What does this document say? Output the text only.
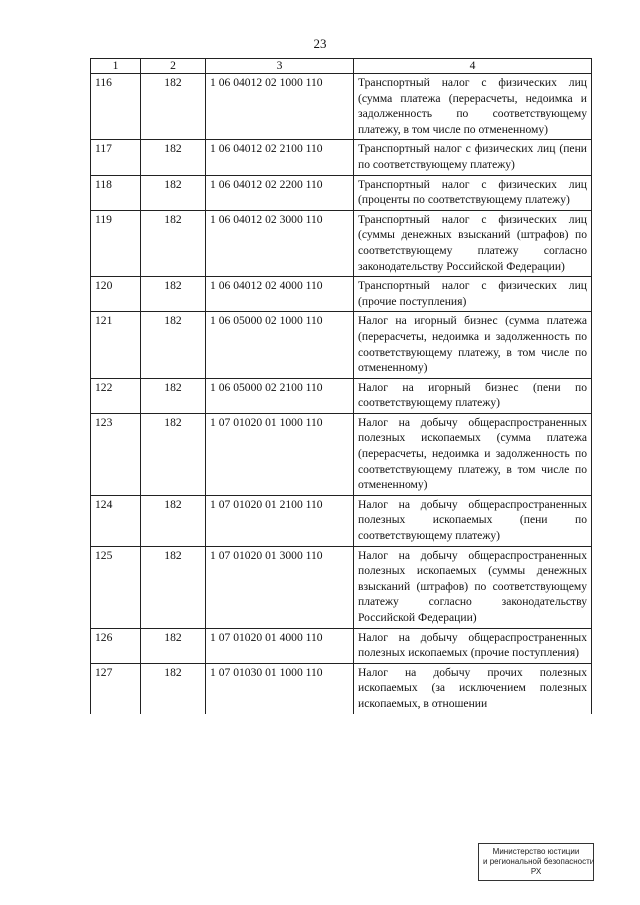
23
1	2	3	4
116	182	1 06 04012 02 1000 110	Транспортный налог с физических лиц (сумма платежа (перерасчеты, недоимка и задолженность по соответствующему платежу, в том числе по отмененному)
117	182	1 06 04012 02 2100 110	Транспортный налог с физических лиц (пени по соответствующему платежу)
118	182	1 06 04012 02 2200 110	Транспортный налог с физических лиц (проценты по соответствующему платежу)
119	182	1 06 04012 02 3000 110	Транспортный налог с физических лиц (суммы денежных взысканий (штрафов) по соответствующему платежу согласно законодательству Российской Федерации)
120	182	1 06 04012 02 4000 110	Транспортный налог с физических лиц (прочие поступления)
121	182	1 06 05000 02 1000 110	Налог на игорный бизнес (сумма платежа (перерасчеты, недоимка и задолженность по соответствующему платежу, в том числе по отмененному)
122	182	1 06 05000 02 2100 110	Налог на игорный бизнес (пени по соответствующему платежу)
123	182	1 07 01020 01 1000 110	Налог на добычу общераспространенных полезных ископаемых (сумма платежа (перерасчеты, недоимка и задолженность по соответствующему платежу, в том числе по отмененному)
124	182	1 07 01020 01 2100 110	Налог на добычу общераспространенных полезных ископаемых (пени по соответствующему платежу)
125	182	1 07 01020 01 3000 110	Налог на добычу общераспространенных полезных ископаемых (суммы денежных взысканий (штрафов) по соответствующему платежу согласно законодательству Российской Федерации)
126	182	1 07 01020 01 4000 110	Налог на добычу общераспространенных полезных ископаемых (прочие поступления)
127	182	1 07 01030 01 1000 110	Налог на добычу прочих полезных ископаемых (за исключением полезных ископаемых, в отношении
Министерство юстиции
и региональной безопасности
РХ
